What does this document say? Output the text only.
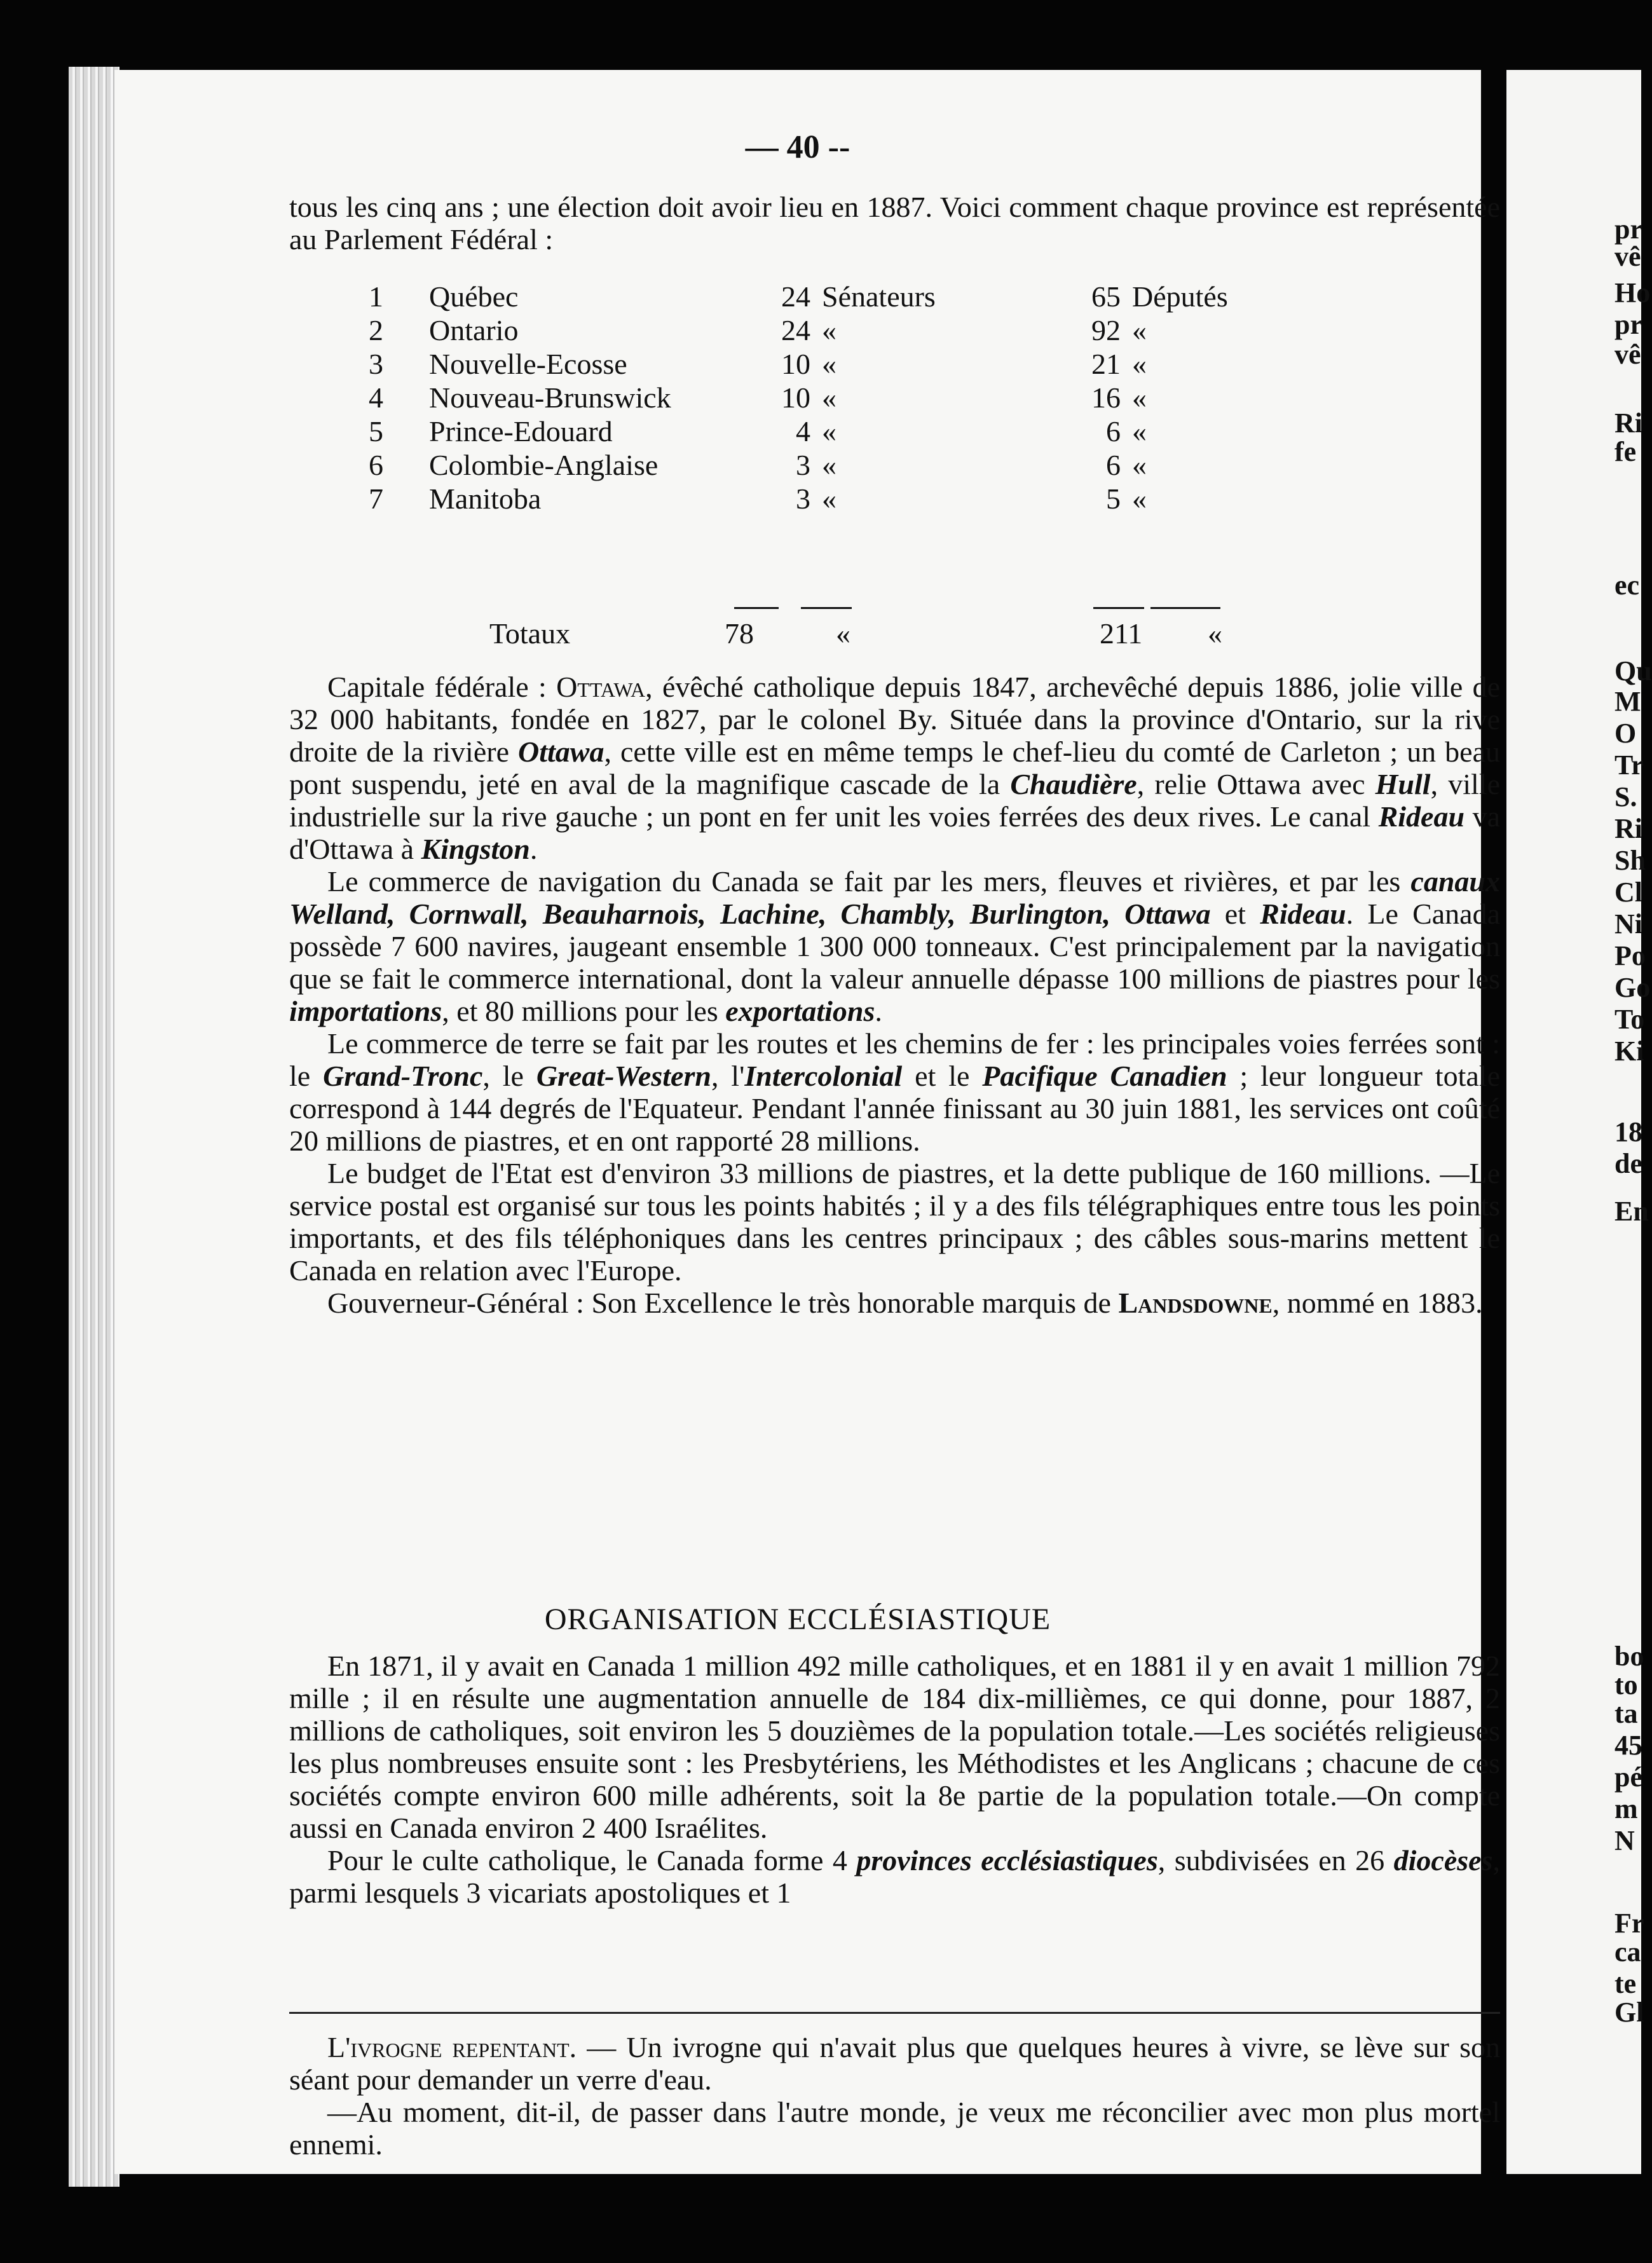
— 40 --

tous les cinq ans ; une élection doit avoir lieu en 1887. Voici comment chaque province est représentée au Parlement Fédéral :

1	Québec	24	Sénateurs	65	Députés
2	Ontario	24	«	92	«
3	Nouvelle-Ecosse	10	«	21	«
4	Nouveau-Brunswick	10	«	16	«
5	Prince-Edouard	4	«	6	«
6	Colombie-Anglaise	3	«	6	«
7	Manitoba	3	«	5	«
Totaux	78	«	211 «

Capitale fédérale : Ottawa, évêché catholique depuis 1847, archevêché depuis 1886, jolie ville de 32 000 habitants, fondée en 1827, par le colonel By. Située dans la province d'Ontario, sur la rive droite de la rivière Ottawa, cette ville est en même temps le chef-lieu du comté de Carleton ; un beau pont suspendu, jeté en aval de la magnifique cascade de la Chaudière, relie Ottawa avec Hull, ville industrielle sur la rive gauche ; un pont en fer unit les voies ferrées des deux rives. Le canal Rideau va d'Ottawa à Kingston.

Le commerce de navigation du Canada se fait par les mers, fleuves et rivières, et par les canaux Welland, Cornwall, Beauharnois, Lachine, Chambly, Burlington, Ottawa et Rideau. Le Canada possède 7 600 navires, jaugeant ensemble 1 300 000 tonneaux. C'est principalement par la navigation que se fait le commerce international, dont la valeur annuelle dépasse 100 millions de piastres pour les importations, et 80 millions pour les exportations.

Le commerce de terre se fait par les routes et les chemins de fer : les principales voies ferrées sont : le Grand-Tronc, le Great-Western, l'Intercolonial et le Pacifique Canadien ; leur longueur totale correspond à 144 degrés de l'Equateur. Pendant l'année finissant au 30 juin 1881, les services ont coûté 20 millions de piastres, et en ont rapporté 28 millions.

Le budget de l'Etat est d'environ 33 millions de piastres, et la dette publique de 160 millions. —Le service postal est organisé sur tous les points habités ; il y a des fils télégraphiques entre tous les points importants, et des fils téléphoniques dans les centres principaux ; des câbles sous-marins mettent le Canada en relation avec l'Europe.

Gouverneur-Général : Son Excellence le très honorable marquis de Landsdowne, nommé en 1883.

ORGANISATION ECCLÉSIASTIQUE

En 1871, il y avait en Canada 1 million 492 mille catholiques, et en 1881 il y en avait 1 million 792 mille ; il en résulte une augmentation annuelle de 184 dix-millièmes, ce qui donne, pour 1887, 2 millions de catholiques, soit environ les 5 douzièmes de la population totale.—Les sociétés religieuses les plus nombreuses ensuite sont : les Presbytériens, les Méthodistes et les Anglicans ; chacune de ces sociétés compte environ 600 mille adhérents, soit la 8e partie de la population totale.—On compte aussi en Canada environ 2 400 Israélites.

Pour le culte catholique, le Canada forme 4 provinces ecclésiastiques, subdivisées en 26 diocèses, parmi lesquels 3 vicariats apostoliques et 1

L'ivrogne repentant. — Un ivrogne qui n'avait plus que quelques heures à vivre, se lève sur son séant pour demander un verre d'eau.

—Au moment, dit-il, de passer dans l'autre monde, je veux me réconcilier avec mon plus mortel ennemi.

pr
vê
Ho
pr
vê
Ri
fe
ec
Qu
M
O
Tr
S.
Ri
Sh
Cl
Ni
Po
Go
To
Ki
18
de
En
bo
to
ta
45
pé
m
N
Fr
ca
te
Gl
